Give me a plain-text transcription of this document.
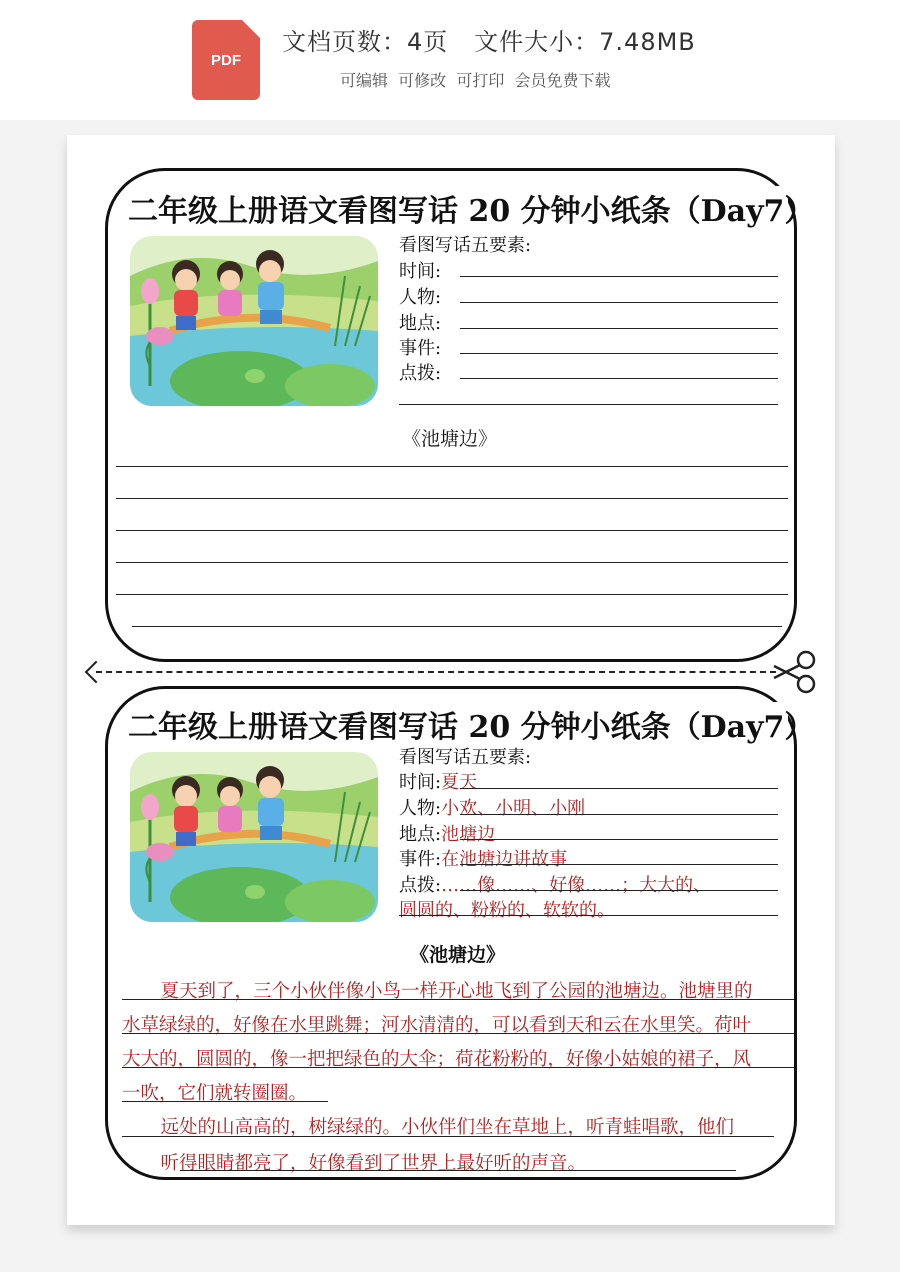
PDF
文档页数：4页   文件大小：7.48MB
可编辑  可修改  可打印  会员免费下载
二年级上册语文看图写话 20 分钟小纸条（Day7）
看图写话五要素:
时间:
人物:
地点:
事件:
点拨:
《池塘边》
二年级上册语文看图写话 20 分钟小纸条（Day7）
看图写话五要素:
时间:夏天
人物:小欢、小明、小刚
地点:池塘边
事件:在池塘边讲故事
点拨:……像……、好像……；大大的、
圆圆的、粉粉的、软软的。
《池塘边》
　夏天到了，三个小伙伴像小鸟一样开心地飞到了公园的池塘边。池塘里的
水草绿绿的，好像在水里跳舞；河水清清的，可以看到天和云在水里笑。荷叶
大大的，圆圆的，像一把把绿色的大伞；荷花粉粉的，好像小姑娘的裙子，风
一吹，它们就转圈圈。
　远处的山高高的，树绿绿的。小伙伴们坐在草地上，听青蛙唱歌，他们
　听得眼睛都亮了，好像看到了世界上最好听的声音。
